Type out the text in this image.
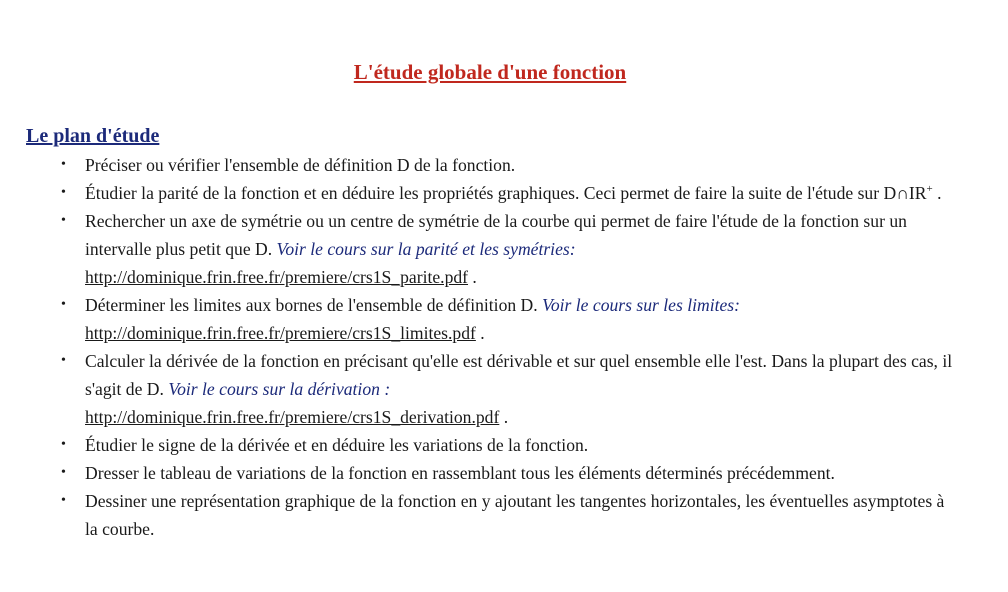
L'étude globale d'une fonction
Le plan d'étude
• Préciser ou vérifier l'ensemble de définition D de la fonction.
• Étudier la parité de la fonction et en déduire les propriétés graphiques. Ceci permet de faire la suite de l'étude sur D∩IR+ .
• Rechercher un axe de symétrie ou un centre de symétrie de la courbe qui permet de faire l'étude de la fonction sur un intervalle plus petit que D. Voir le cours sur la parité et les symétries:
http://dominique.frin.free.fr/premiere/crs1S_parite.pdf .
• Déterminer les limites aux bornes de l'ensemble de définition D. Voir le cours sur les limites:
http://dominique.frin.free.fr/premiere/crs1S_limites.pdf .
• Calculer la dérivée de la fonction en précisant qu'elle est dérivable et sur quel ensemble elle l'est. Dans la plupart des cas, il s'agit de D. Voir le cours sur la dérivation :
http://dominique.frin.free.fr/premiere/crs1S_derivation.pdf .
• Étudier le signe de la dérivée et en déduire les variations de la fonction.
• Dresser le tableau de variations de la fonction en rassemblant tous les éléments déterminés précédemment.
• Dessiner une représentation graphique de la fonction en y ajoutant les tangentes horizontales, les éventuelles asymptotes à la courbe.
